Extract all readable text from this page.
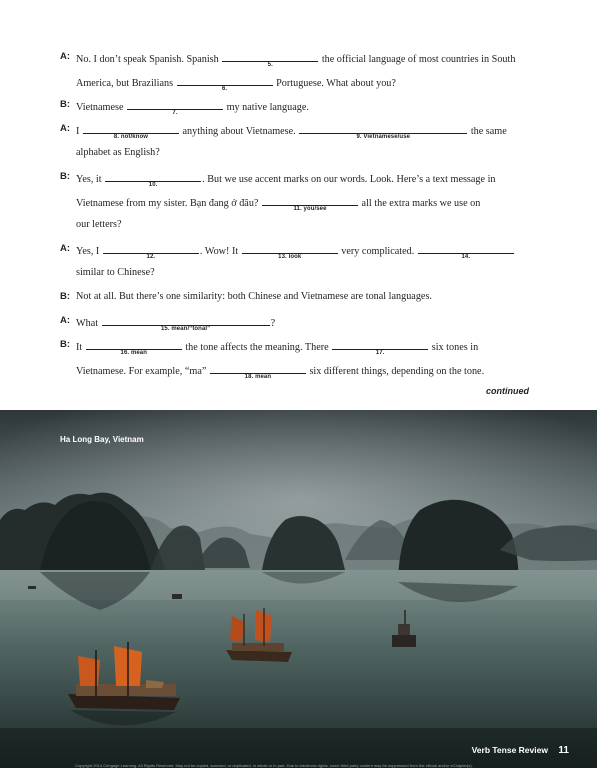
A: No. I don’t speak Spanish. Spanish	5.	the official language of most countries in South
America, but Brazilians	6.	Portuguese. What about you?
B: Vietnamese	7.	my native language.
A: I	8. not/know	anything about Vietnamese.	9. Vietnamese/use	the same
alphabet as English?
B: Yes, it	10.	. But we use accent marks on our words. Look. Here’s a text message in
Vietnamese from my sister. Bạn đang ở đâu?	11. you/see	all the extra marks we use on
our letters?
A: Yes, I	12.	. Wow! It	13. look	very complicated.	14.
similar to Chinese?
B: Not at all. But there’s one similarity: both Chinese and Vietnamese are tonal languages.
A: What	15. mean/“tonal”	?
B: It	16. mean	the tone affects the meaning. There	17.	six tones in
Vietnamese. For example, “ma”	18. mean	six different things, depending on the tone.
continued
Ha Long Bay, Vietnam
Verb Tense Review 11
Copyright 2014 Cengage Learning. All Rights Reserved. May not be copied, scanned, or duplicated, in whole or in part. Due to electronic rights, some third party content may be suppressed from the eBook and/or eChapter(s).
